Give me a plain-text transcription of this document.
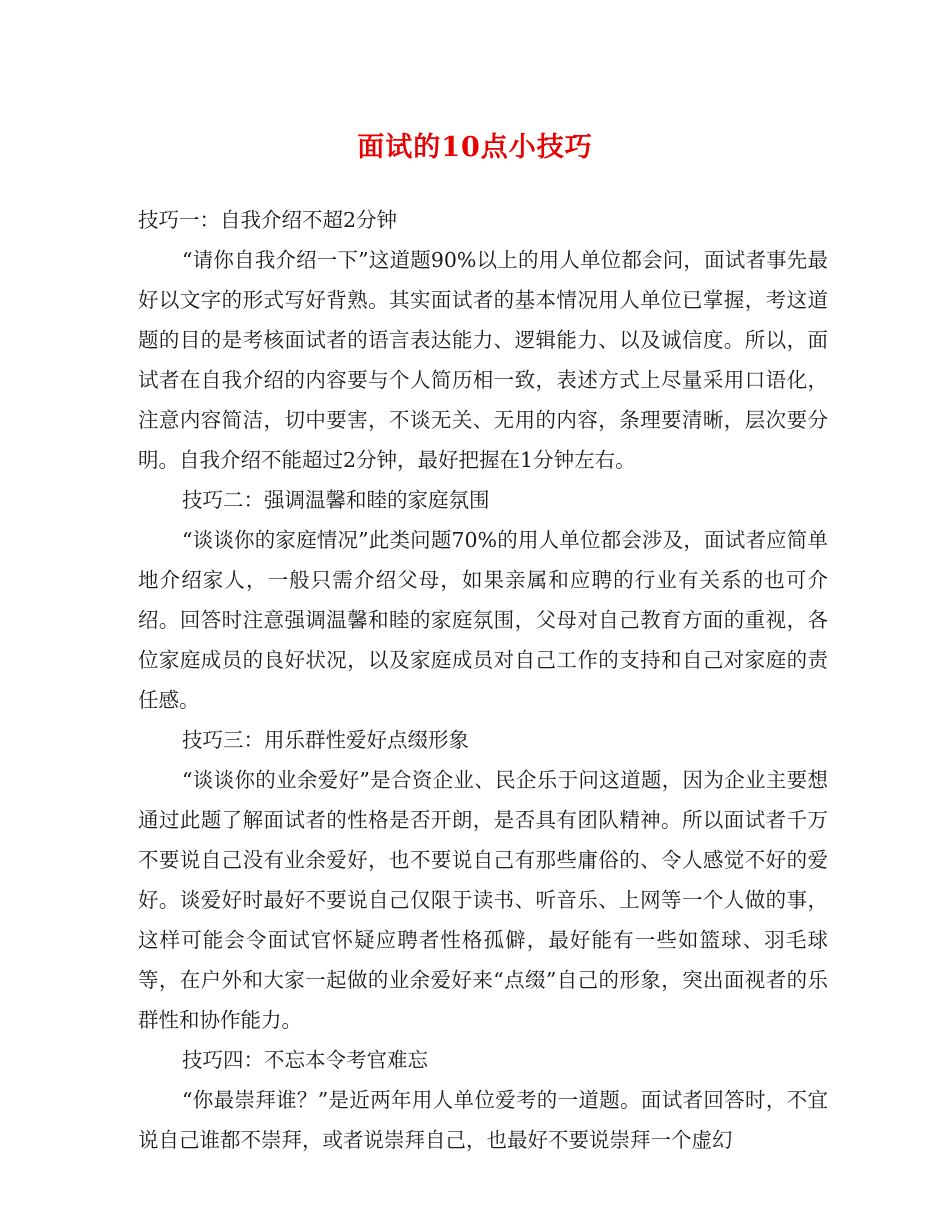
面试的10点小技巧

技巧一：自我介绍不超2分钟

“请你自我介绍一下”这道题90%以上的用人单位都会问，面试者事先最好以文字的形式写好背熟。其实面试者的基本情况用人单位已掌握，考这道题的目的是考核面试者的语言表达能力、逻辑能力、以及诚信度。所以，面试者在自我介绍的内容要与个人简历相一致，表述方式上尽量采用口语化，注意内容简洁，切中要害，不谈无关、无用的内容，条理要清晰，层次要分明。自我介绍不能超过2分钟，最好把握在1分钟左右。

技巧二：强调温馨和睦的家庭氛围

“谈谈你的家庭情况”此类问题70%的用人单位都会涉及，面试者应简单地介绍家人，一般只需介绍父母，如果亲属和应聘的行业有关系的也可介绍。回答时注意强调温馨和睦的家庭氛围，父母对自己教育方面的重视，各位家庭成员的良好状况，以及家庭成员对自己工作的支持和自己对家庭的责任感。

技巧三：用乐群性爱好点缀形象

“谈谈你的业余爱好”是合资企业、民企乐于问这道题，因为企业主要想通过此题了解面试者的性格是否开朗，是否具有团队精神。所以面试者千万不要说自己没有业余爱好，也不要说自己有那些庸俗的、令人感觉不好的爱好。谈爱好时最好不要说自己仅限于读书、听音乐、上网等一个人做的事，这样可能会令面试官怀疑应聘者性格孤僻，最好能有一些如篮球、羽毛球等，在户外和大家一起做的业余爱好来“点缀”自己的形象，突出面视者的乐群性和协作能力。

技巧四：不忘本令考官难忘

“你最崇拜谁？”是近两年用人单位爱考的一道题。面试者回答时，不宜说自己谁都不崇拜，或者说崇拜自己，也最好不要说崇拜一个虚幻
